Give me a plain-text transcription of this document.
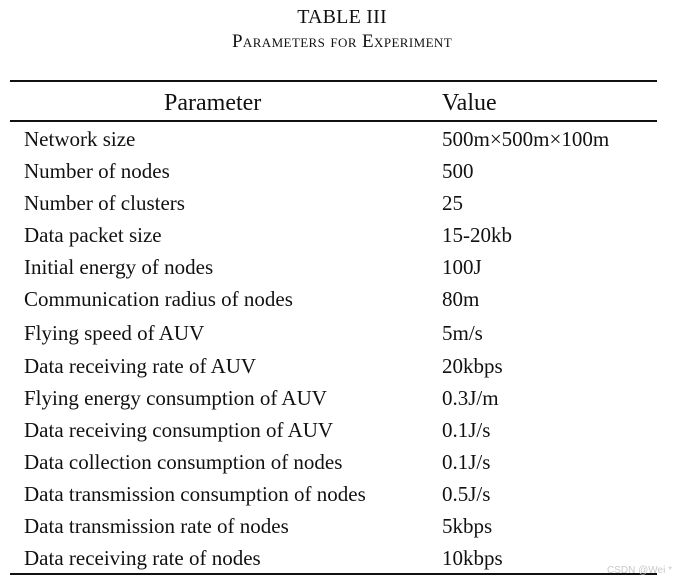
TABLE III
Parameters for Experiment
Parameter	Value
Network size	500m×500m×100m
Number of nodes	500
Number of clusters	25
Data packet size	15-20kb
Initial energy of nodes	100J
Communication radius of nodes	80m
Flying speed of AUV	5m/s
Data receiving rate of AUV	20kbps
Flying energy consumption of AUV	0.3J/m
Data receiving consumption of AUV	0.1J/s
Data collection consumption of nodes	0.1J/s
Data transmission consumption of nodes	0.5J/s
Data transmission rate of nodes	5kbps
Data receiving rate of nodes	10kbps
CSDN @Wei *
